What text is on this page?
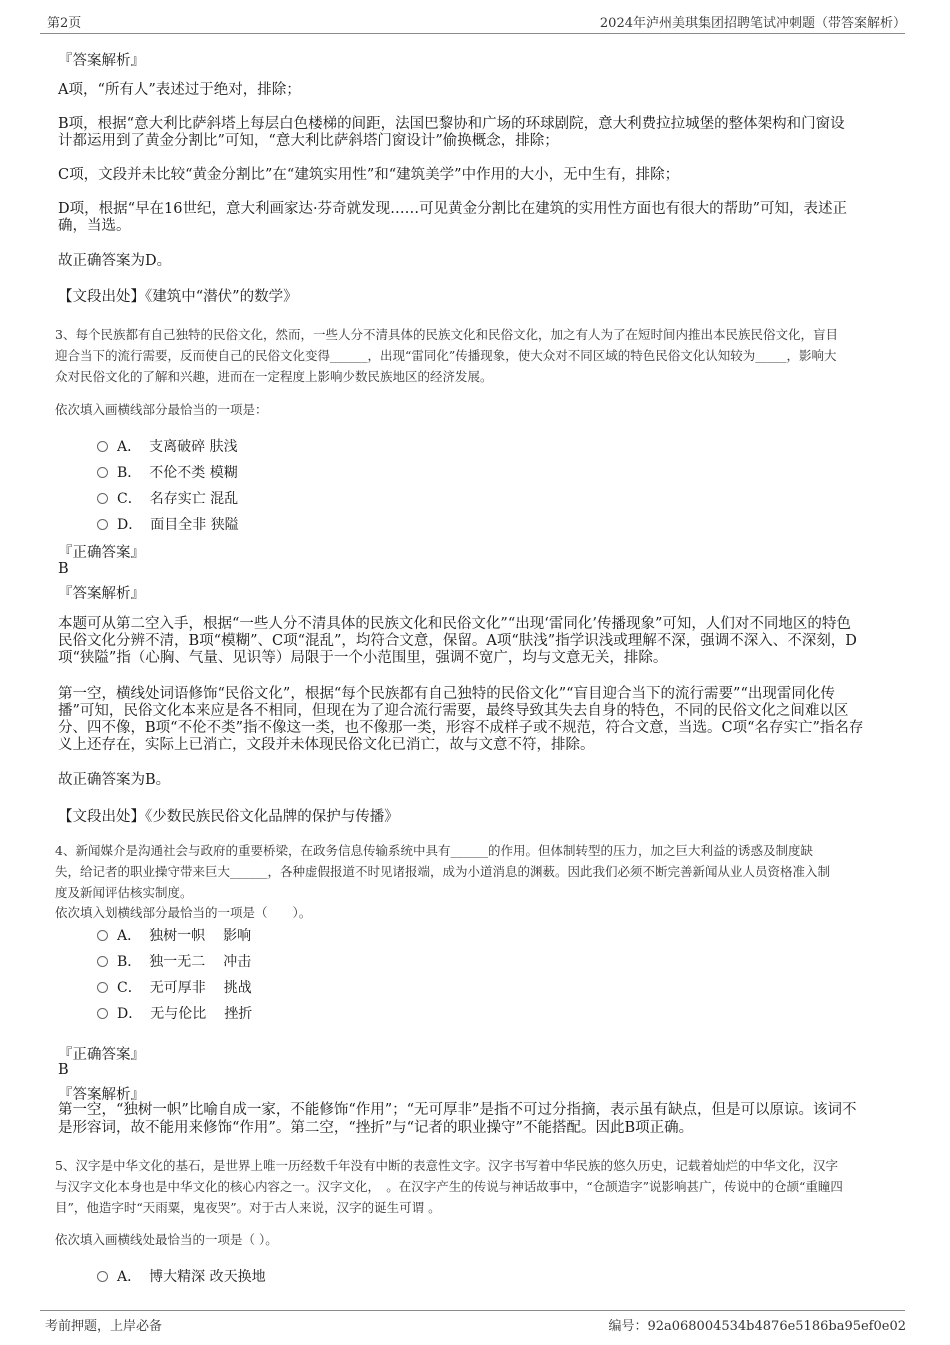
第2页	2024年泸州美琪集团招聘笔试冲刺题（带答案解析）
『答案解析』
A项，“所有人”表述过于绝对，排除；
B项，根据“意大利比萨斜塔上每层白色楼梯的间距，法国巴黎协和广场的环球剧院，意大利费拉拉城堡的整体架构和门窗设
计都运用到了黄金分割比”可知，“意大利比萨斜塔门窗设计”偷换概念，排除；
C项，文段并未比较“黄金分割比”在“建筑实用性”和“建筑美学”中作用的大小，无中生有，排除；
D项，根据“早在16世纪，意大利画家达·芬奇就发现……可见黄金分割比在建筑的实用性方面也有很大的帮助”可知，表述正
确，当选。
故正确答案为D。
【文段出处】《建筑中“潜伏”的数学》
3、每个民族都有自己独特的民俗文化，然而，一些人分不清具体的民族文化和民俗文化，加之有人为了在短时间内推出本民族民俗文化，盲目
迎合当下的流行需要，反而使自己的民俗文化变得______，出现“雷同化”传播现象，使大众对不同区域的特色民俗文化认知较为_____，影响大
众对民俗文化的了解和兴趣，进而在一定程度上影响少数民族地区的经济发展。
依次填入画横线部分最恰当的一项是：
A． 支离破碎 肤浅
B． 不伦不类 模糊
C． 名存实亡 混乱
D． 面目全非 狭隘
『正确答案』
B
『答案解析』
本题可从第二空入手，根据“一些人分不清具体的民族文化和民俗文化”“出现‘雷同化’传播现象”可知，人们对不同地区的特色
民俗文化分辨不清，B项“模糊”、C项“混乱”，均符合文意，保留。A项“肤浅”指学识浅或理解不深，强调不深入、不深刻，D
项“狭隘”指（心胸、气量、见识等）局限于一个小范围里，强调不宽广，均与文意无关，排除。
第一空，横线处词语修饰“民俗文化”，根据“每个民族都有自己独特的民俗文化”“盲目迎合当下的流行需要”“出现雷同化传
播”可知，民俗文化本来应是各不相同，但现在为了迎合流行需要，最终导致其失去自身的特色，不同的民俗文化之间难以区
分、四不像，B项“不伦不类”指不像这一类，也不像那一类，形容不成样子或不规范，符合文意，当选。C项“名存实亡”指名存
义上还存在，实际上已消亡，文段并未体现民俗文化已消亡，故与文意不符，排除。
故正确答案为B。
【文段出处】《少数民族民俗文化品牌的保护与传播》
4、新闻媒介是沟通社会与政府的重要桥梁，在政务信息传输系统中具有______的作用。但体制转型的压力，加之巨大利益的诱惑及制度缺
失，给记者的职业操守带来巨大______，各种虚假报道不时见诸报端，成为小道消息的渊薮。因此我们必须不断完善新闻从业人员资格准入制
度及新闻评估核实制度。
依次填入划横线部分最恰当的一项是（　　）。
A． 独树一帜 影响
B． 独一无二 冲击
C． 无可厚非 挑战
D． 无与伦比 挫折
『正确答案』
B
『答案解析』
第一空，“独树一帜”比喻自成一家，不能修饰“作用”；“无可厚非”是指不可过分指摘，表示虽有缺点，但是可以原谅。该词不
是形容词，故不能用来修饰“作用”。第二空，“挫折”与“记者的职业操守”不能搭配。因此B项正确。
5、汉字是中华文化的基石，是世界上唯一历经数千年没有中断的表意性文字。汉字书写着中华民族的悠久历史，记载着灿烂的中华文化，汉字
与汉字文化本身也是中华文化的核心内容之一。汉字文化，　。在汉字产生的传说与神话故事中，“仓颉造字”说影响甚广，传说中的仓颉“重瞳四
目”，他造字时“天雨粟，鬼夜哭”。对于古人来说，汉字的诞生可谓 。
依次填入画横线处最恰当的一项是（ ）。
A． 博大精深 改天换地
考前押题，上岸必备	编号：92a068004534b4876e5186ba95ef0e02
